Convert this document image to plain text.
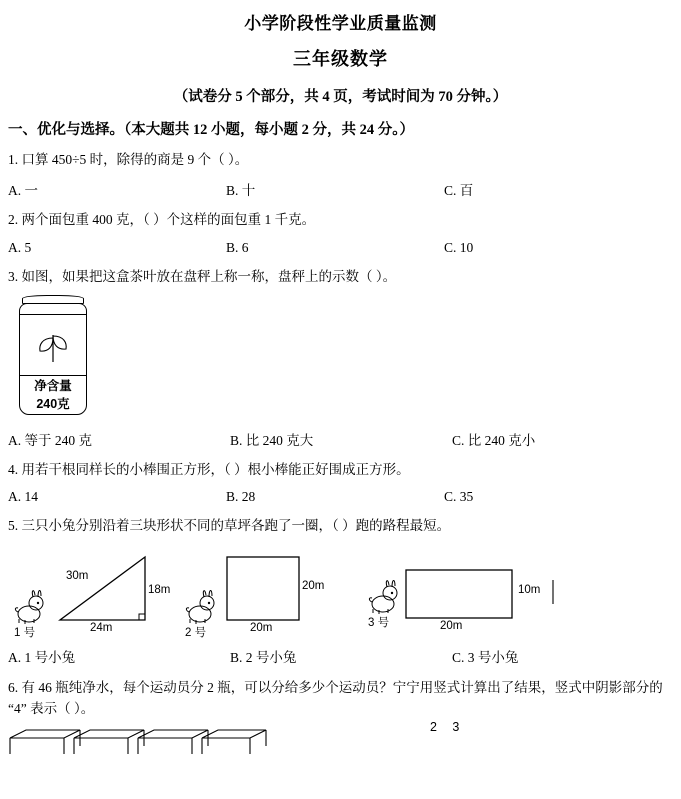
小学阶段性学业质量监测
三年级数学
（试卷分 5 个部分，共 4 页，考试时间为 70 分钟。）
一、优化与选择。（本大题共 12 小题，每小题 2 分，共 24 分。）
1. 口算 450÷5 时，除得的商是 9 个（ ）。
A. 一	B. 十	C. 百
2. 两个面包重 400 克，（ ）个这样的面包重 1 千克。
A. 5	B. 6	C. 10
3. 如图，如果把这盒茶叶放在盘秤上称一称，盘秤上的示数（ ）。
净含量
240克
A. 等于 240 克	B. 比 240 克大	C. 比 240 克小
4. 用若干根同样长的小棒围正方形，（ ）根小棒能正好围成正方形。
A. 14	B. 28	C. 35
5. 三只小兔分别沿着三块形状不同的草坪各跑了一圈，（ ）跑的路程最短。
30m
18m
24m
1 号
20m
20m
2 号
10m
20m
3 号
A. 1 号小兔	B. 2 号小兔	C. 3 号小兔
6. 有 46 瓶纯净水，每个运动员分 2 瓶，可以分给多少个运动员？宁宁用竖式计算出了结果，竖式中阴影部分的 “4” 表示（ ）。
2 3
